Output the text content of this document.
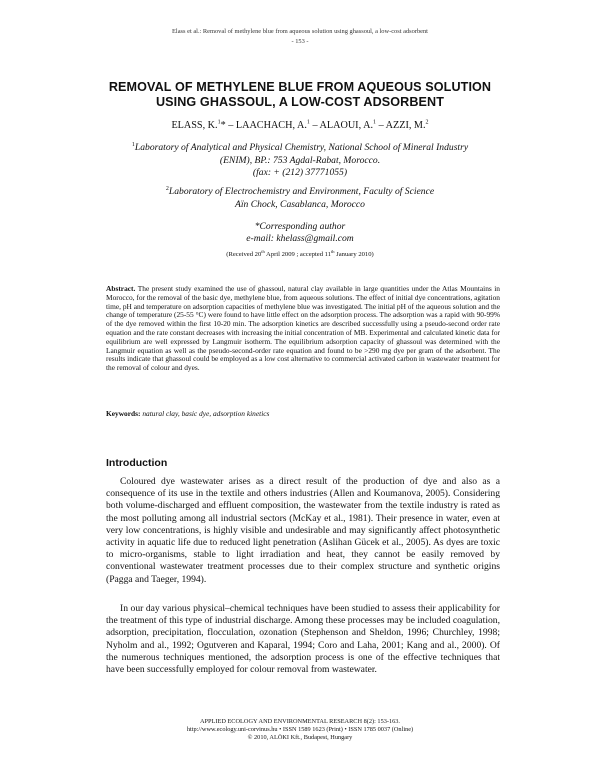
Elass et al.: Removal of methylene blue from aqueous solution using ghassoul, a low-cost adsorbent
- 153 -
REMOVAL OF METHYLENE BLUE FROM AQUEOUS SOLUTION
USING GHASSOUL, A LOW-COST ADSORBENT
ELASS, K.$^1$* – LAACHACH, A.$^1$ – ALAOUI, A.$^1$ – AZZI, M.$^2$
$^1$Laboratory of Analytical and Physical Chemistry, National School of Mineral Industry
(ENIM), BP.: 753 Agdal-Rabat, Morocco.
(fax: + (212) 37771055)
$^2$Laboratory of Electrochemistry and Environment, Faculty of Science
Aïn Chock, Casablanca, Morocco
*Corresponding author
e-mail: khelass@gmail.com
(Received 20th April 2009 ; accepted 11th January 2010)
Abstract. The present study examined the use of ghassoul, natural clay available in large quantities under the Atlas Mountains in Morocco, for the removal of the basic dye, methylene blue, from aqueous solutions. The effect of initial dye concentrations, agitation time, pH and temperature on adsorption capacities of methylene blue was investigated. The initial pH of the aqueous solution and the change of temperature (25-55 °C) were found to have little effect on the adsorption process. The adsorption was a rapid with 90-99% of the dye removed within the first 10-20 min. The adsorption kinetics are described successfully using a pseudo-second order rate equation and the rate constant decreases with increasing the initial concentration of MB. Experimental and calculated kinetic data for equilibrium are well expressed by Langmuir isotherm. The equilibrium adsorption capacity of ghassoul was determined with the Langmuir equation as well as the pseudo-second-order rate equation and found to be >290 mg dye per gram of the adsorbent. The results indicate that ghassoul could be employed as a low cost alternative to commercial activated carbon in wastewater treatment for the removal of colour and dyes.
Keywords: natural clay, basic dye, adsorption kinetics
Introduction
Coloured dye wastewater arises as a direct result of the production of dye and also as a consequence of its use in the textile and others industries (Allen and Koumanova, 2005). Considering both volume-discharged and effluent composition, the wastewater from the textile industry is rated as the most polluting among all industrial sectors (McKay et al., 1981). Their presence in water, even at very low concentrations, is highly visible and undesirable and may significantly affect photosynthetic activity in aquatic life due to reduced light penetration (Aslihan Gücek et al., 2005). As dyes are toxic to micro-organisms, stable to light irradiation and heat, they cannot be easily removed by conventional wastewater treatment processes due to their complex structure and synthetic origins (Pagga and Taeger, 1994).
In our day various physical–chemical techniques have been studied to assess their applicability for the treatment of this type of industrial discharge. Among these processes may be included coagulation, adsorption, precipitation, flocculation, ozonation (Stephenson and Sheldon, 1996; Churchley, 1998; Nyholm and al., 1992; Ogutveren and Kaparal, 1994; Coro and Laha, 2001; Kang and al., 2000). Of the numerous techniques mentioned, the adsorption process is one of the effective techniques that have been successfully employed for colour removal from wastewater.
APPLIED ECOLOGY AND ENVIRONMENTAL RESEARCH 8(2): 153-163.
http://www.ecology.uni-corvinus.hu • ISSN 1589 1623 (Print) • ISSN 1785 0037 (Online)
© 2010, ALÖKI Kft., Budapest, Hungary
